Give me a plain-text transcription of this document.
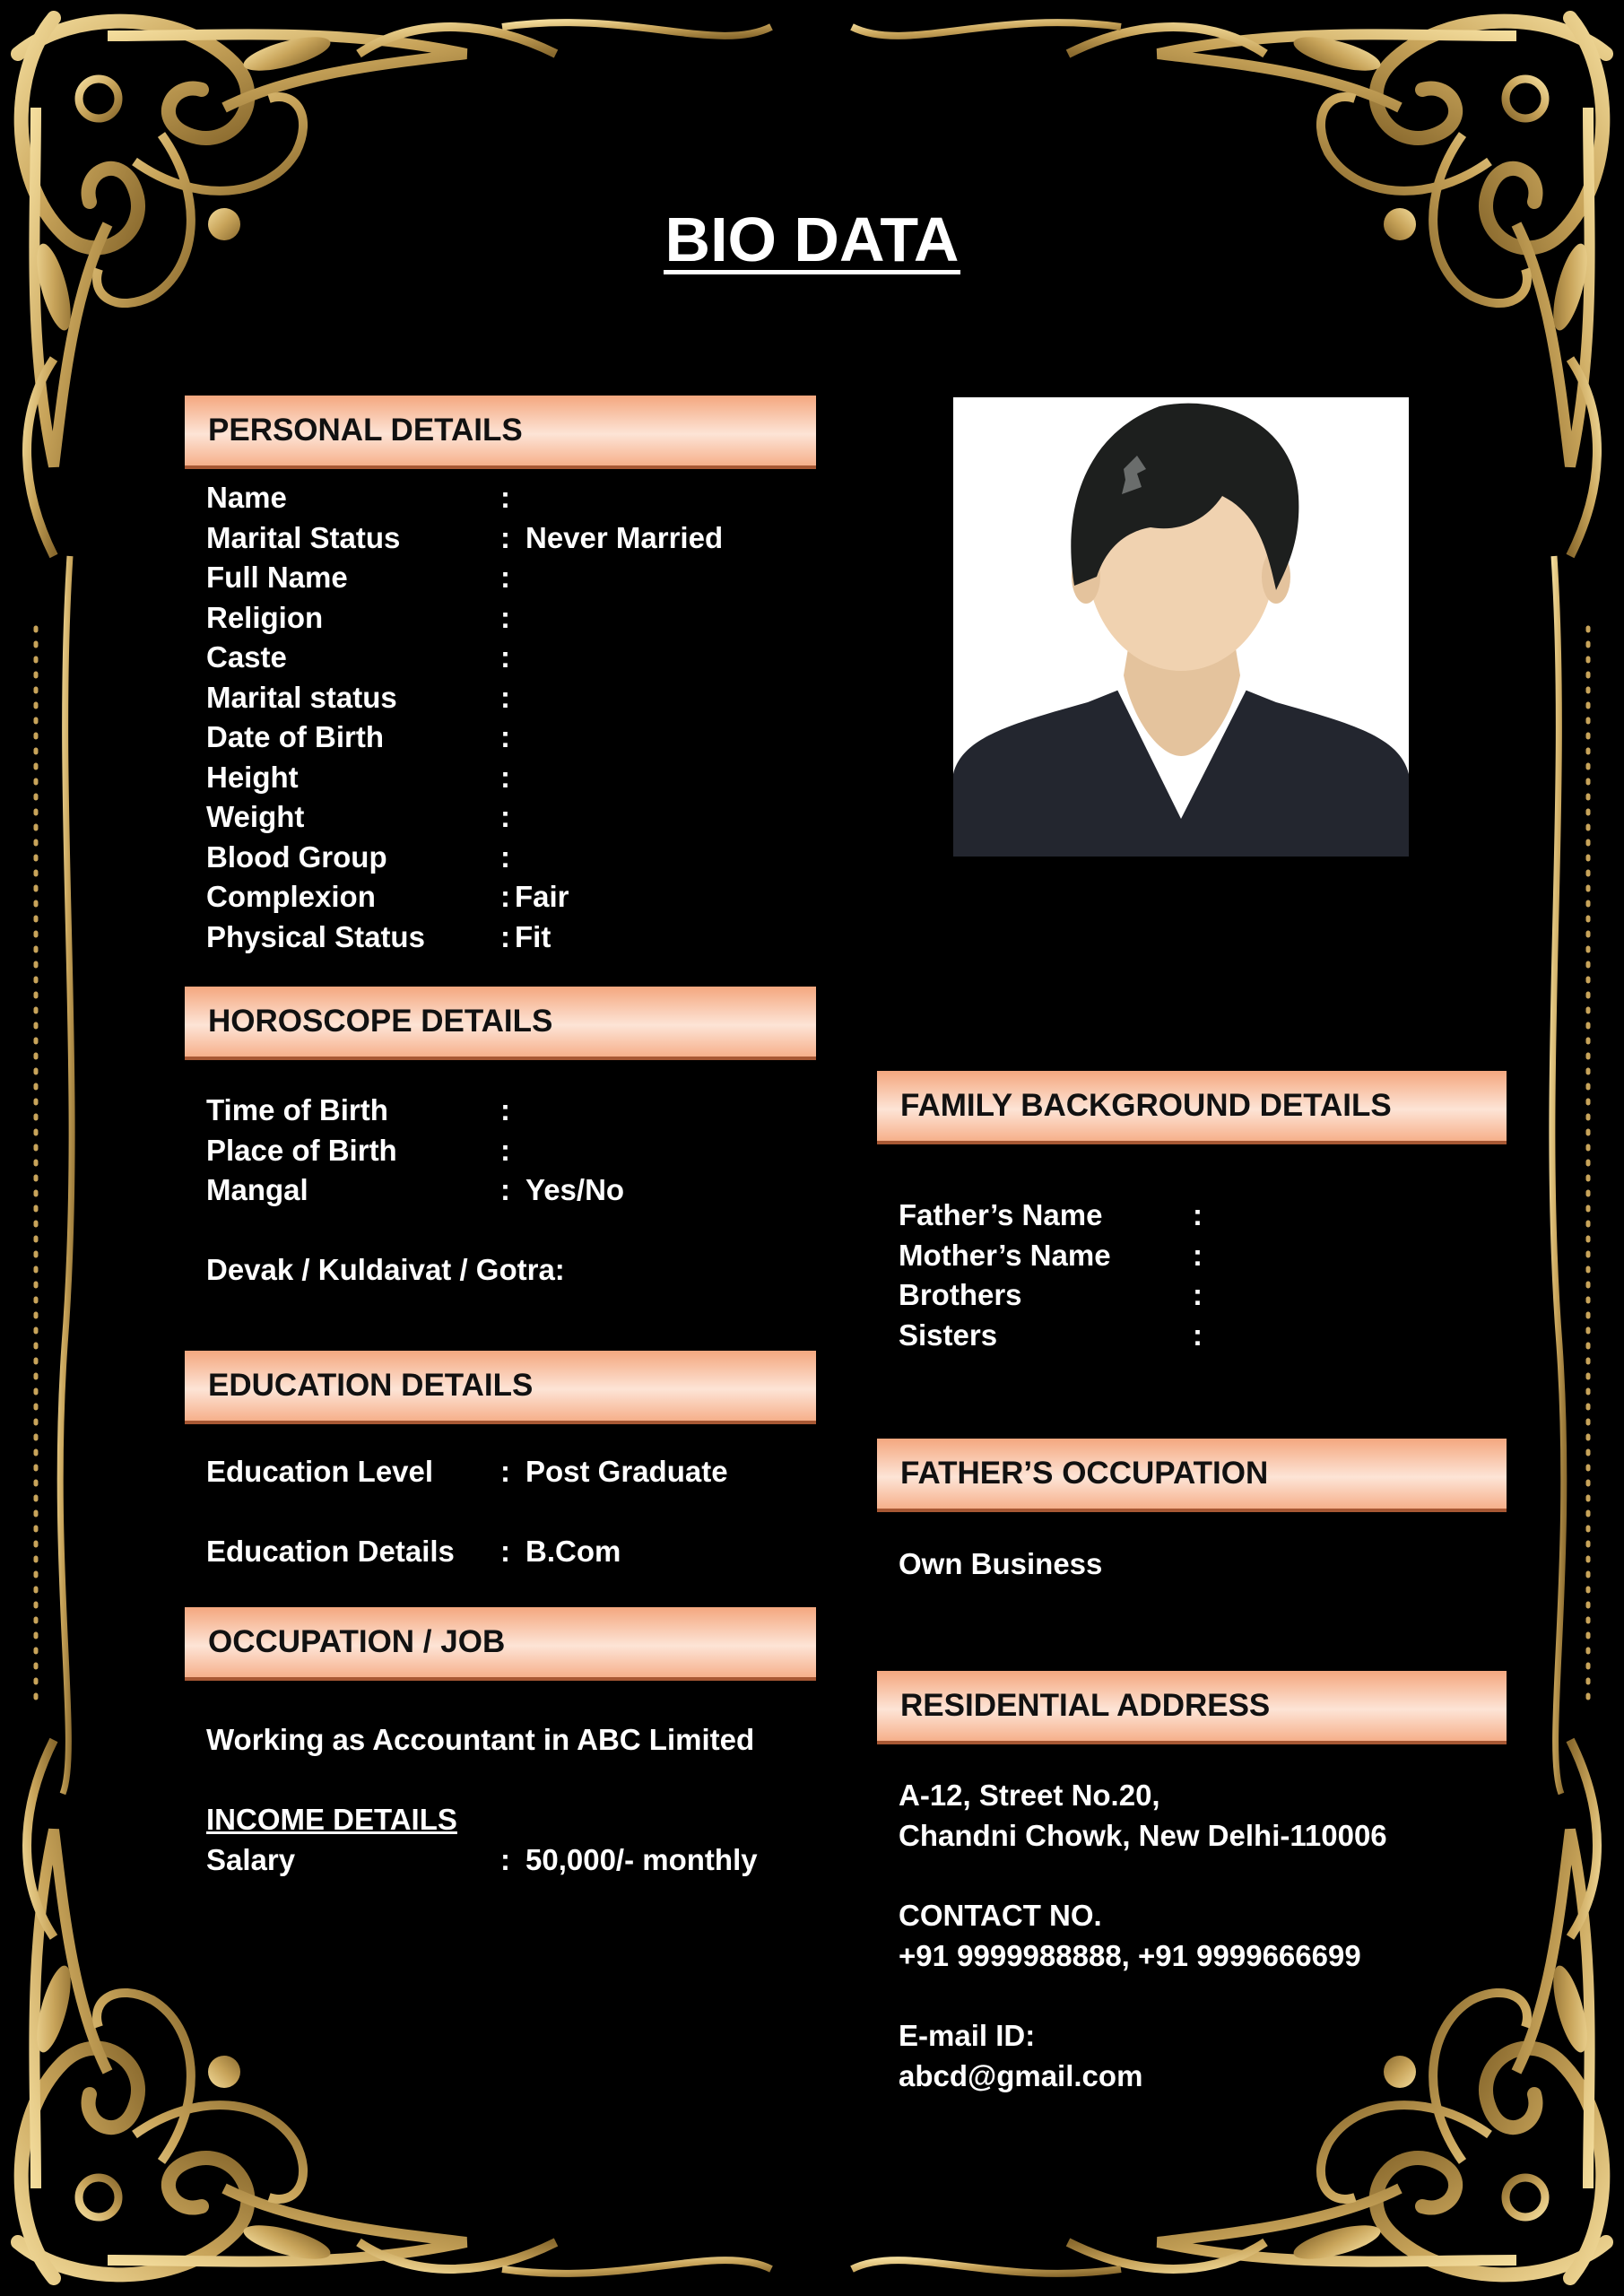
BIO DATA
PERSONAL DETAILS
Name	:
Marital Status	: Never Married
Full Name	:
Religion	:
Caste	:
Marital status	:
Date of Birth	:
Height	:
Weight	:
Blood Group	:
Complexion	: Fair
Physical Status	: Fit
HOROSCOPE DETAILS
Time of Birth	:
Place of Birth	:
Mangal	: Yes/No
Devak / Kuldaivat / Gotra:
EDUCATION DETAILS
Education Level : Post Graduate
Education Details : B.Com
OCCUPATION / JOB
Working as Accountant in ABC Limited
INCOME DETAILS
Salary	: 50,000/- monthly
FAMILY BACKGROUND DETAILS
Father’s Name	:
Mother’s Name	:
Brothers	:
Sisters	:
FATHER’S OCCUPATION
Own Business
RESIDENTIAL ADDRESS
A-12, Street No.20,
Chandni Chowk, New Delhi-110006
CONTACT NO.
+91 9999988888, +91 9999666699
E-mail ID:
abcd@gmail.com
